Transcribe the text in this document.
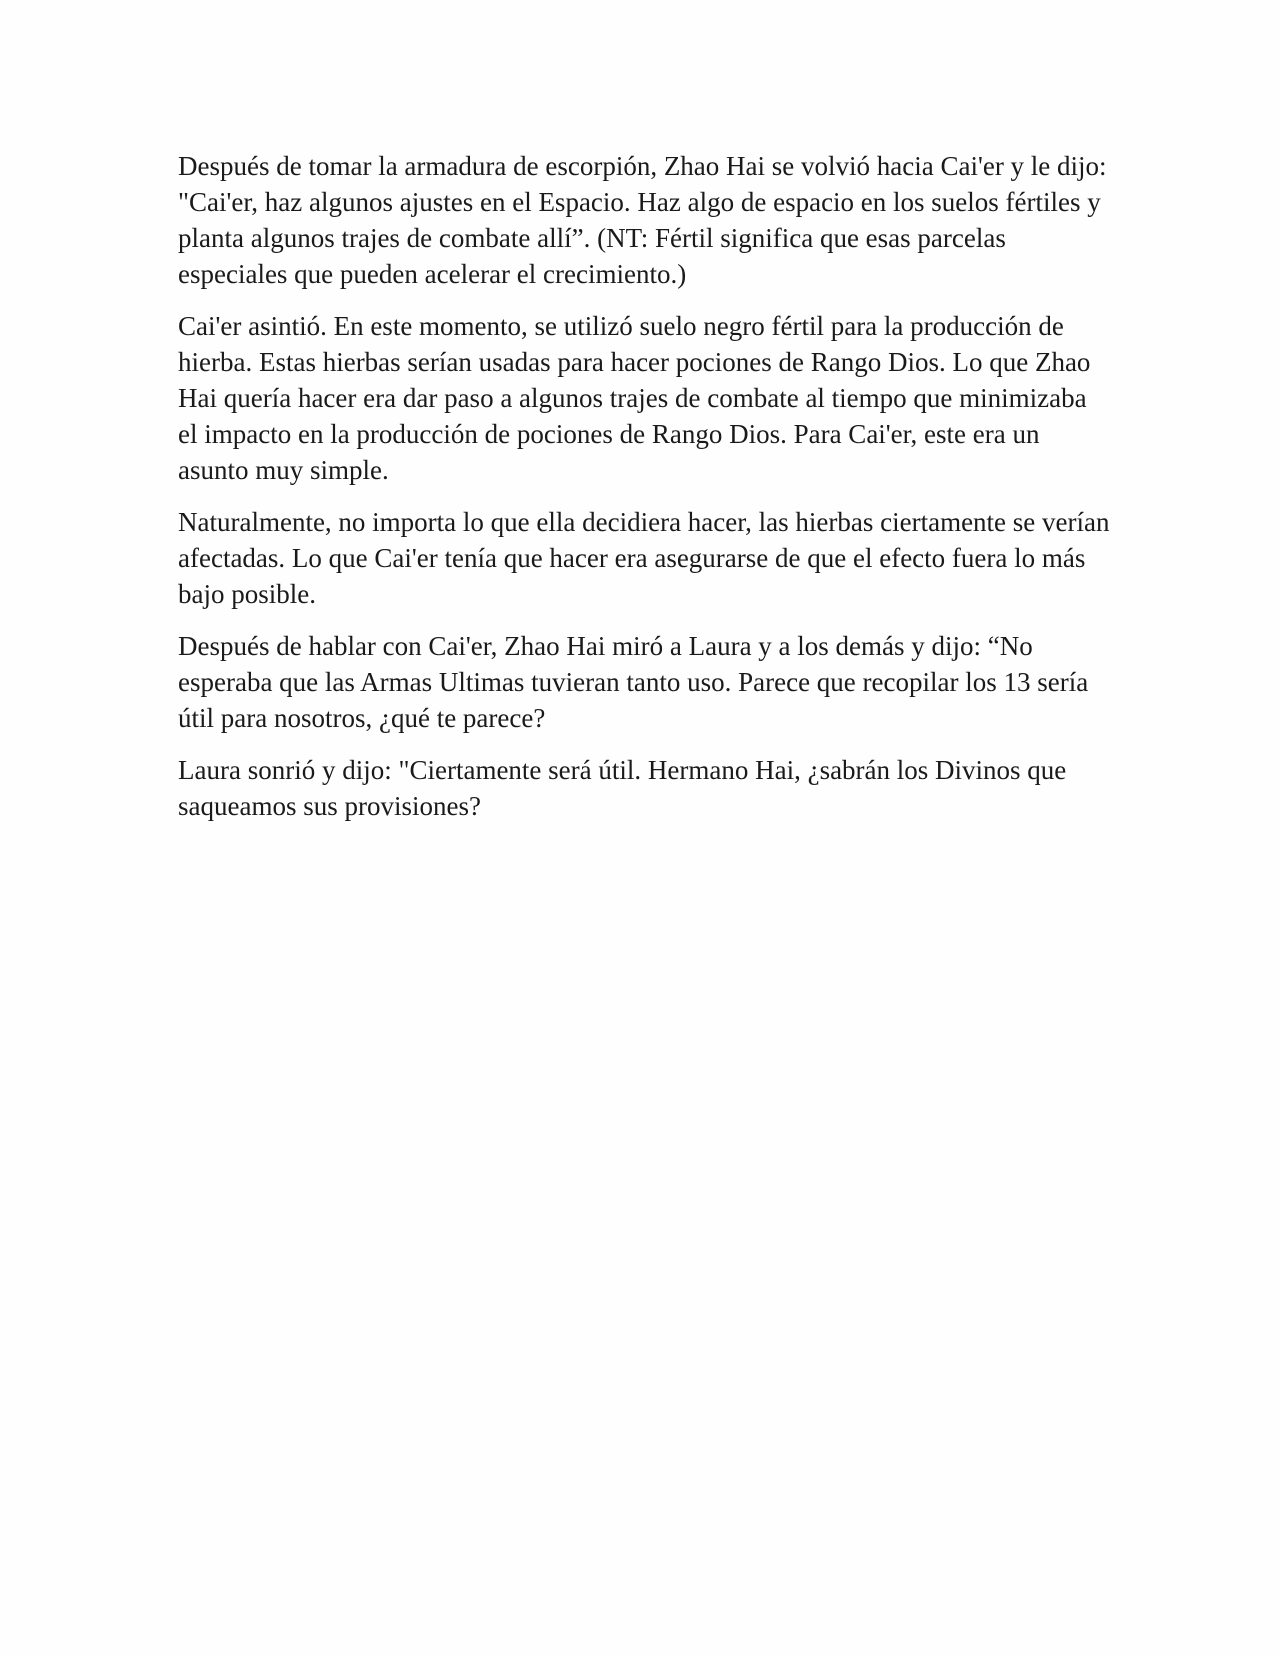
Después de tomar la armadura de escorpión, Zhao Hai se volvió hacia Cai'er y le dijo: "Cai'er, haz algunos ajustes en el Espacio. Haz algo de espacio en los suelos fértiles y planta algunos trajes de combate allí”. (NT: Fértil significa que esas parcelas especiales que pueden acelerar el crecimiento.)

Cai'er asintió. En este momento, se utilizó suelo negro fértil para la producción de hierba. Estas hierbas serían usadas para hacer pociones de Rango Dios. Lo que Zhao Hai quería hacer era dar paso a algunos trajes de combate al tiempo que minimizaba el impacto en la producción de pociones de Rango Dios. Para Cai'er, este era un asunto muy simple.

Naturalmente, no importa lo que ella decidiera hacer, las hierbas ciertamente se verían afectadas. Lo que Cai'er tenía que hacer era asegurarse de que el efecto fuera lo más bajo posible.

Después de hablar con Cai'er, Zhao Hai miró a Laura y a los demás y dijo: “No esperaba que las Armas Ultimas tuvieran tanto uso. Parece que recopilar los 13 sería útil para nosotros, ¿qué te parece?

Laura sonrió y dijo: "Ciertamente será útil. Hermano Hai, ¿sabrán los Divinos que saqueamos sus provisiones?
